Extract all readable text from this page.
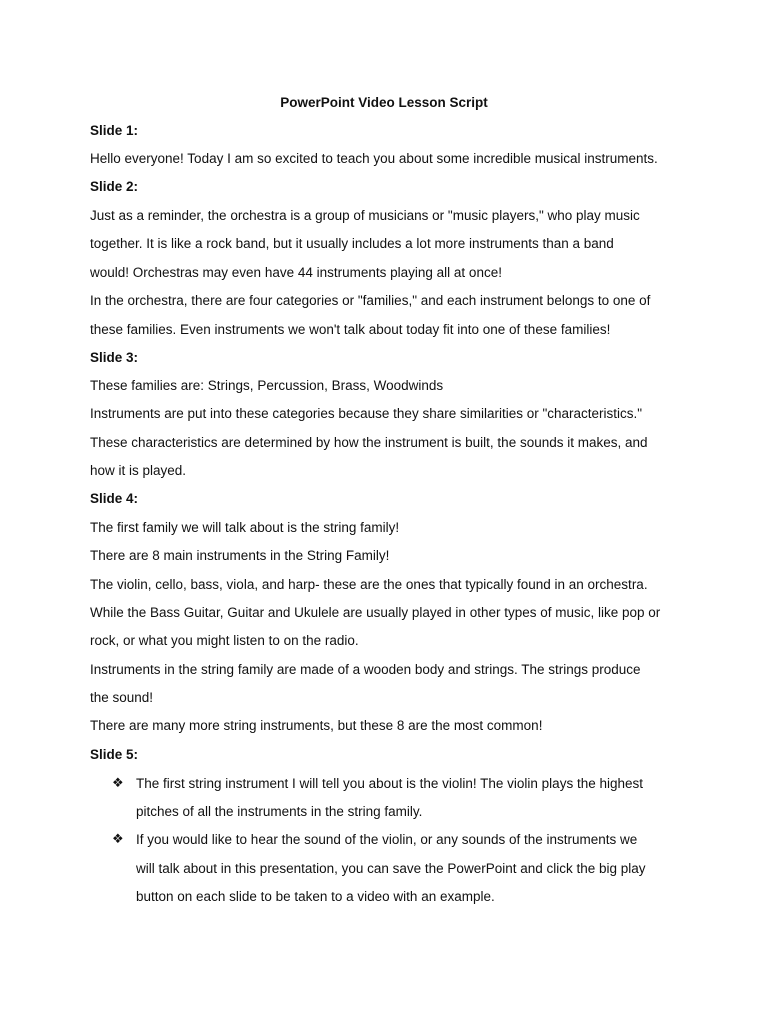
PowerPoint Video Lesson Script
Slide 1:
Hello everyone! Today I am so excited to teach you about some incredible musical instruments.
Slide 2:
Just as a reminder, the orchestra is a group of musicians or "music players," who play music
together. It is like a rock band, but it usually includes a lot more instruments than a band
would! Orchestras may even have 44 instruments playing all at once!
In the orchestra, there are four categories or "families," and each instrument belongs to one of
these families. Even instruments we won't talk about today fit into one of these families!
Slide 3:
These families are: Strings, Percussion, Brass, Woodwinds
Instruments are put into these categories because they share similarities or "characteristics."
These characteristics are determined by how the instrument is built, the sounds it makes, and
how it is played.
Slide 4:
The first family we will talk about is the string family!
There are 8 main instruments in the String Family!
The violin, cello, bass, viola, and harp- these are the ones that typically found in an orchestra.
While the Bass Guitar, Guitar and Ukulele are usually played in other types of music, like pop or
rock, or what you might listen to on the radio.
Instruments in the string family are made of a wooden body and strings. The strings produce
the sound!
There are many more string instruments, but these 8 are the most common!
Slide 5:
❖ The first string instrument I will tell you about is the violin! The violin plays the highest
pitches of all the instruments in the string family.
❖ If you would like to hear the sound of the violin, or any sounds of the instruments we
will talk about in this presentation, you can save the PowerPoint and click the big play
button on each slide to be taken to a video with an example.
